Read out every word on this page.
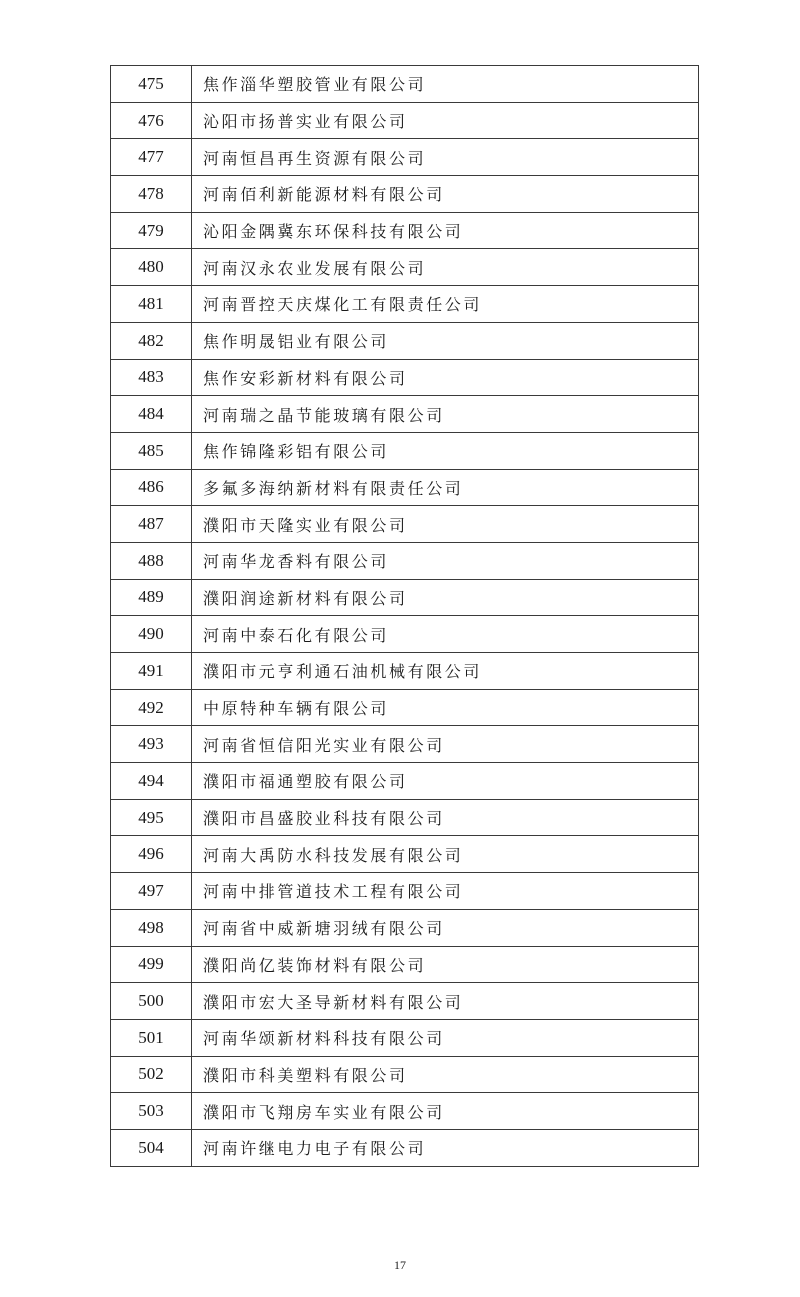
475	焦作淄华塑胶管业有限公司
476	沁阳市扬普实业有限公司
477	河南恒昌再生资源有限公司
478	河南佰利新能源材料有限公司
479	沁阳金隅冀东环保科技有限公司
480	河南汉永农业发展有限公司
481	河南晋控天庆煤化工有限责任公司
482	焦作明晟铝业有限公司
483	焦作安彩新材料有限公司
484	河南瑞之晶节能玻璃有限公司
485	焦作锦隆彩铝有限公司
486	多氟多海纳新材料有限责任公司
487	濮阳市天隆实业有限公司
488	河南华龙香料有限公司
489	濮阳润途新材料有限公司
490	河南中泰石化有限公司
491	濮阳市元亨利通石油机械有限公司
492	中原特种车辆有限公司
493	河南省恒信阳光实业有限公司
494	濮阳市福通塑胶有限公司
495	濮阳市昌盛胶业科技有限公司
496	河南大禹防水科技发展有限公司
497	河南中排管道技术工程有限公司
498	河南省中威新塘羽绒有限公司
499	濮阳尚亿装饰材料有限公司
500	濮阳市宏大圣导新材料有限公司
501	河南华颂新材料科技有限公司
502	濮阳市科美塑料有限公司
503	濮阳市飞翔房车实业有限公司
504	河南许继电力电子有限公司
17
